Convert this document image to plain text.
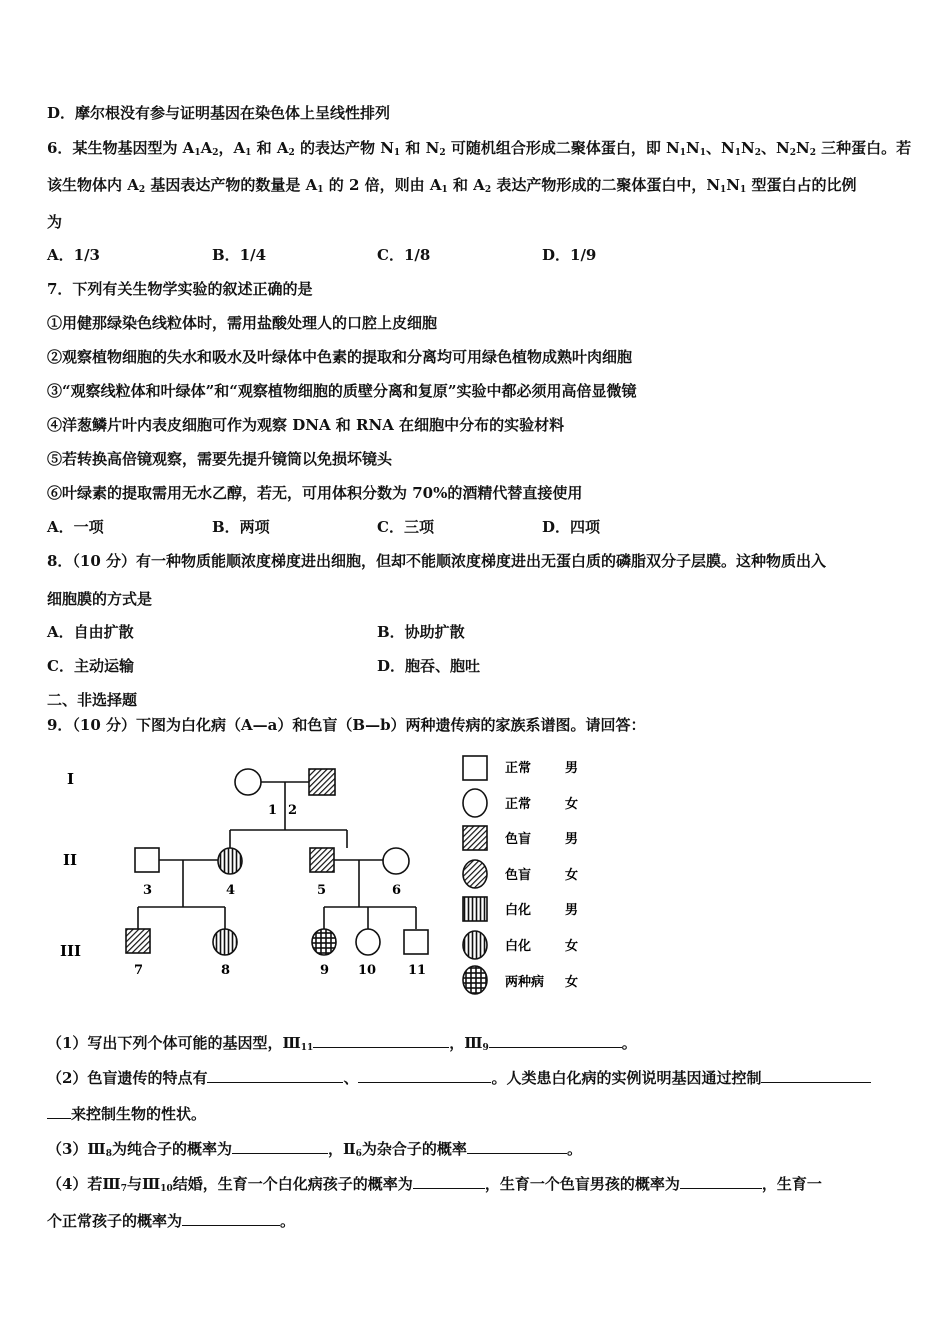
D．摩尔根没有参与证明基因在染色体上呈线性排列
6．某生物基因型为 $A_1A_2$，$A_1$ 和 $A_2$ 的表达产物 $N_1$ 和 $N_2$ 可随机组合形成二聚体蛋白，即 $N_1N_1$、$N_1N_2$、$N_2N_2$ 三种蛋白。若
该生物体内 $A_2$ 基因表达产物的数量是 $A_1$ 的 2 倍，则由 $A_1$ 和 $A_2$ 表达产物形成的二聚体蛋白中，$N_1N_1$ 型蛋白占的比例
为
A．1/3	B．1/4	C．1/8	D．1/9
7．下列有关生物学实验的叙述正确的是
①用健那绿染色线粒体时，需用盐酸处理人的口腔上皮细胞
②观察植物细胞的失水和吸水及叶绿体中色素的提取和分离均可用绿色植物成熟叶肉细胞
③“观察线粒体和叶绿体”和“观察植物细胞的质壁分离和复原”实验中都必须用高倍显微镜
④洋葱鳞片叶内表皮细胞可作为观察 DNA 和 RNA 在细胞中分布的实验材料
⑤若转换高倍镜观察，需要先提升镜筒以免损坏镜头
⑥叶绿素的提取需用无水乙醇，若无，可用体积分数为 70%的酒精代替直接使用
A．一项	B．两项	C．三项	D．四项
8．（10 分）有一种物质能顺浓度梯度进出细胞，但却不能顺浓度梯度进出无蛋白质的磷脂双分子层膜。这种物质出入
细胞膜的方式是
A．自由扩散	B．协助扩散
C．主动运输	D．胞吞、胞吐
二、非选择题
9．（10 分）下图为白化病（A—a）和色盲（B—b）两种遗传病的家族系谱图。请回答：
I
II
III
1 2
3	4	5	6
7	8	9 10 11
正常	男
正常	女
色盲	男
色盲	女
白化	男
白化	女
两种病 女
（1）写出下列个体可能的基因型，$Ⅲ_{11}$	，$Ⅲ_9$	。
（2）色盲遗传的特点有	、	。人类患白化病的实例说明基因通过控制
来控制生物的性状。
$(3)Ⅲ_8$为纯合子的概率为	，$Ⅱ_6$为杂合子的概率	。
（4）若$Ⅲ_7$与$Ⅲ_{10}$结婚，生育一个白化病孩子的概率为	，生育一个色盲男孩的概率为	，生育一
个正常孩子的概率为	。
